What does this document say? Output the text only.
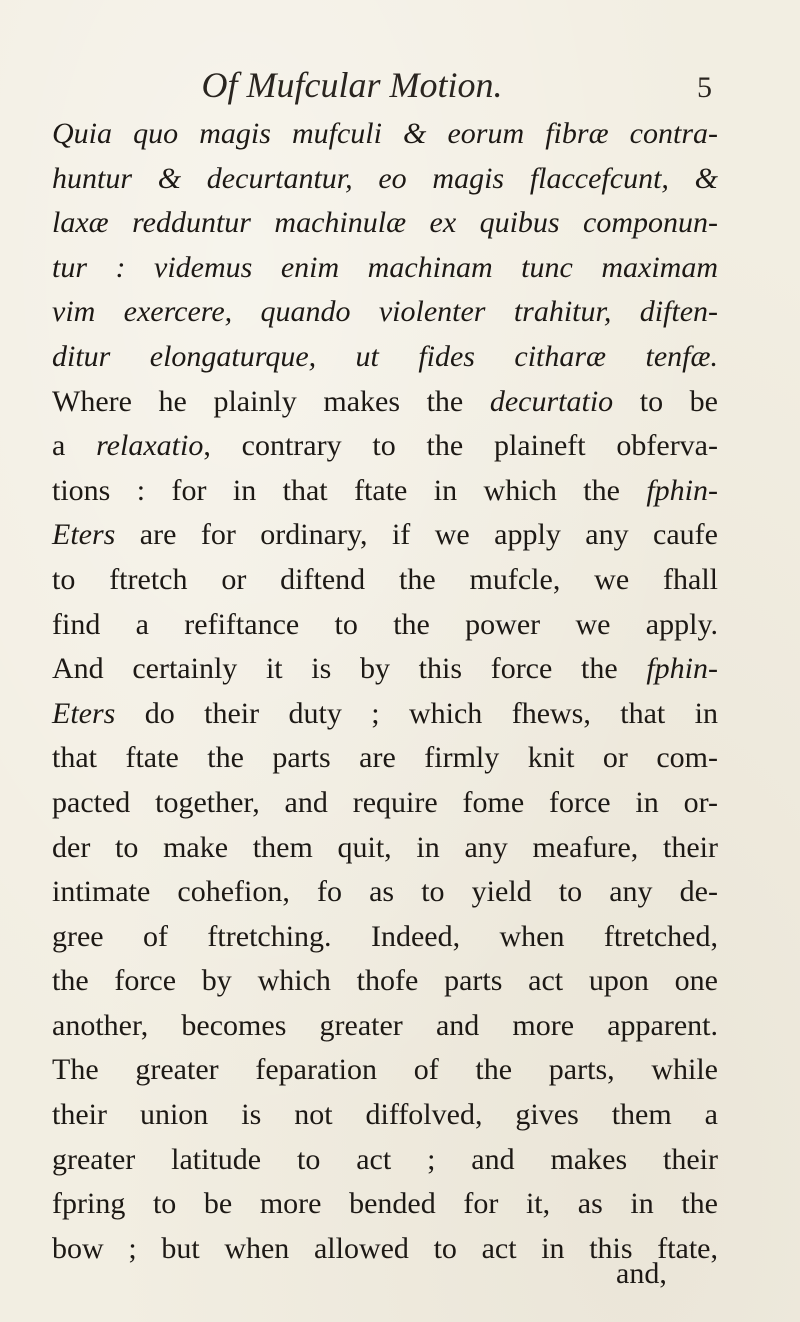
Of Mufcular Motion.	5
Quia quo magis mufculi & eorum fibræ contra-
huntur & decurtantur, eo magis flaccefcunt, &
laxæ redduntur machinulæ ex quibus componun-
tur : videmus enim machinam tunc maximam
vim exercere, quando violenter trahitur, diften-
ditur elongaturque, ut fides citharæ tenfæ.
Where he plainly makes the decurtatio to be
a relaxatio, contrary to the plaineft obferva-
tions : for in that ftate in which the fphin-
Eters are for ordinary, if we apply any caufe
to ftretch or diftend the mufcle, we fhall
find a refiftance to the power we apply.
And certainly it is by this force the fphin-
Eters do their duty ; which fhews, that in
that ftate the parts are firmly knit or com-
pacted together, and require fome force in or-
der to make them quit, in any meafure, their
intimate cohefion, fo as to yield to any de-
gree of ftretching. Indeed, when ftretched,
the force by which thofe parts act upon one
another, becomes greater and more apparent.
The greater feparation of the parts, while
their union is not diffolved, gives them a
greater latitude to act ; and makes their
fpring to be more bended for it, as in the
bow ; but when allowed to act in this ftate,
and,
